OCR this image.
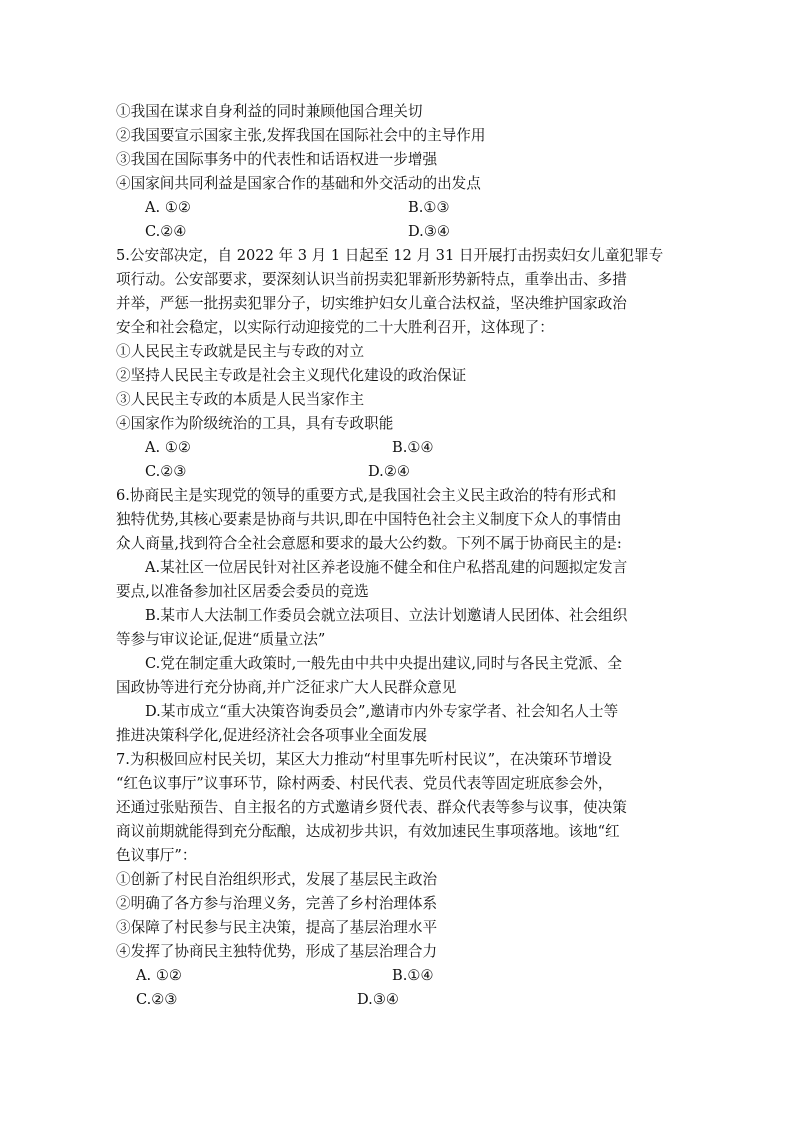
①我国在谋求自身利益的同时兼顾他国合理关切
②我国要宣示国家主张,发挥我国在国际社会中的主导作用
③我国在国际事务中的代表性和话语权进一步增强
④国家间共同利益是国家合作的基础和外交活动的出发点
A. ①②	B.①③
C.②④	D.③④
5.公安部决定，自 2022 年 3 月 1 日起至 12 月 31 日开展打击拐卖妇女儿童犯罪专
项行动。公安部要求，要深刻认识当前拐卖犯罪新形势新特点，重拳出击、多措
并举，严惩一批拐卖犯罪分子，切实维护妇女儿童合法权益，坚决维护国家政治
安全和社会稳定，以实际行动迎接党的二十大胜利召开，这体现了：
①人民民主专政就是民主与专政的对立
②坚持人民民主专政是社会主义现代化建设的政治保证
③人民民主专政的本质是人民当家作主
④国家作为阶级统治的工具，具有专政职能
A. ①②	B.①④
C.②③	D.②④
6.协商民主是实现党的领导的重要方式,是我国社会主义民主政治的特有形式和
独特优势,其核心要素是协商与共识,即在中国特色社会主义制度下众人的事情由
众人商量,找到符合全社会意愿和要求的最大公约数。下列不属于协商民主的是:
A.某社区一位居民针对社区养老设施不健全和住户私搭乱建的问题拟定发言
要点,以准备参加社区居委会委员的竞选
B.某市人大法制工作委员会就立法项目、立法计划邀请人民团体、社会组织
等参与审议论证,促进“质量立法”
C.党在制定重大政策时,一般先由中共中央提出建议,同时与各民主党派、全
国政协等进行充分协商,并广泛征求广大人民群众意见
D.某市成立“重大决策咨询委员会”,邀请市内外专家学者、社会知名人士等
推进决策科学化,促进经济社会各项事业全面发展
7.为积极回应村民关切，某区大力推动“村里事先听村民议”，在决策环节增设
“红色议事厅”议事环节，除村两委、村民代表、党员代表等固定班底参会外，
还通过张贴预告、自主报名的方式邀请乡贤代表、群众代表等参与议事，使决策
商议前期就能得到充分酝酿，达成初步共识，有效加速民生事项落地。该地“红
色议事厅”：
①创新了村民自治组织形式，发展了基层民主政治
②明确了各方参与治理义务，完善了乡村治理体系
③保障了村民参与民主决策，提高了基层治理水平
④发挥了协商民主独特优势，形成了基层治理合力
A. ①②	B.①④
C.②③	D.③④
